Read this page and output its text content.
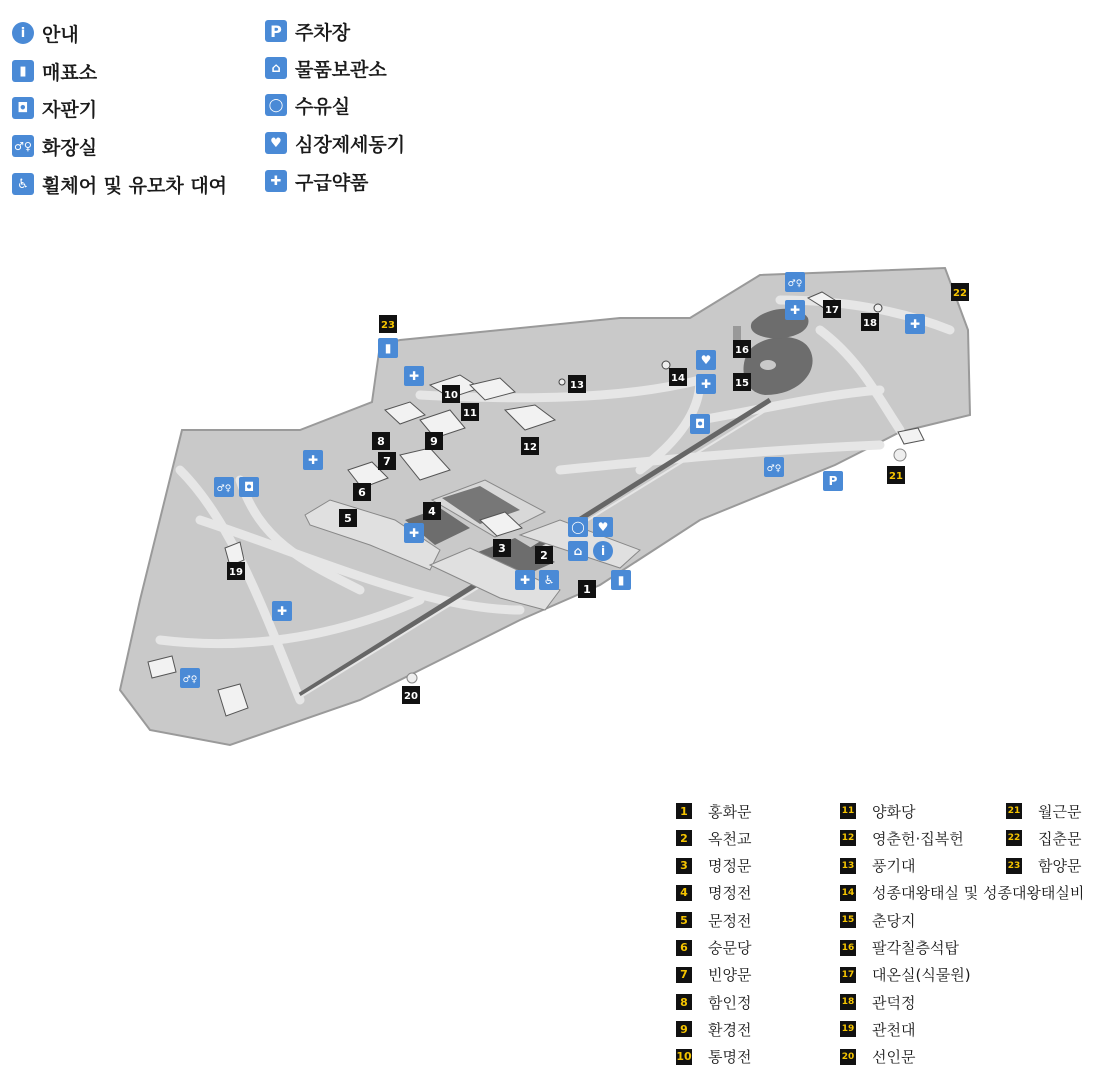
i 안내
▮ 매표소
◘ 자판기
♂♀ 화장실
♿ 휠체어 및 유모차 대여
P 주차장
⌂ 물품보관소
◯ 수유실
♥ 심장제세동기
✚ 구급약품
▮
✚
✚
♂♀ ◘
✚	◯ ♥
⌂ i
✚ ♿	▮
✚
♂♀
♥
✚
◘
♂♀
P
♂♀
✚
✚
1
2
3
4
5
6
7
8	9
10
11
12
13
14	15
16
17
18
19
20
21
22
23
1 홍화문
2 옥천교
3 명정문
4 명정전
5 문정전
6 숭문당
7 빈양문
8 함인정
9 환경전
10 통명전
11 양화당
12 영춘헌·집복헌
13 풍기대
14 성종대왕태실 및 성종대왕태실비
15 춘당지
16 팔각칠층석탑
17 대온실(식물원)
18 관덕정
19 관천대
20 선인문
21 월근문
22 집춘문
23 함양문
